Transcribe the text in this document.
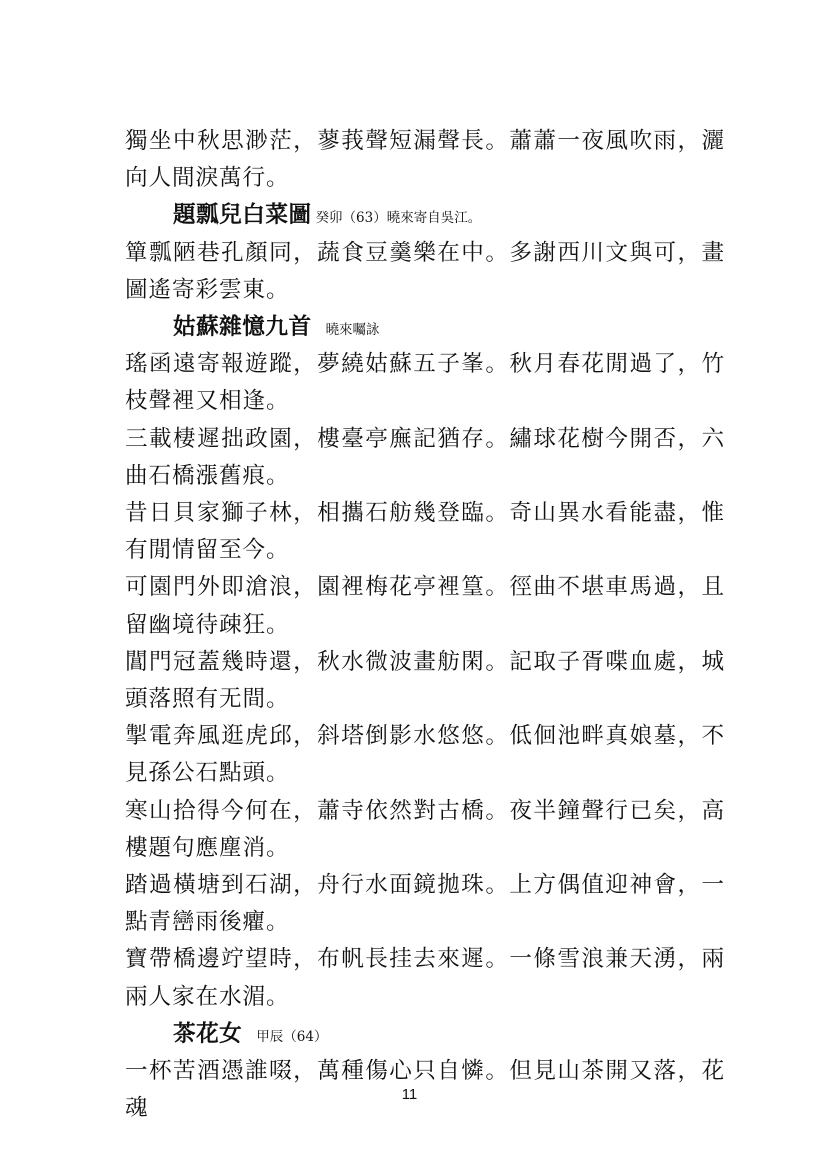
獨坐中秋思渺茫，蓼莪聲短漏聲長。蕭蕭一夜風吹雨，灑向人間淚萬行。

題瓢兒白菜圖 癸卯（63）曉來寄自吳江。

簞瓢陋巷孔顏同，蔬食豆羹樂在中。多謝西川文與可，畫圖遙寄彩雲東。

姑蘇雜憶九首 曉來囑詠

瑤函遠寄報遊蹤，夢繞姑蘇五子峯。秋月春花閒過了，竹枝聲裡又相逢。

三載棲遲拙政園，樓臺亭廡記猶存。繡球花樹今開否，六曲石橋漲舊痕。

昔日貝家獅子林，相攜石舫幾登臨。奇山異水看能盡，惟有閒情留至今。

可園門外即滄浪，園裡梅花亭裡篁。徑曲不堪車馬過，且留幽境待疎狂。

閶門冠蓋幾時還，秋水微波畫舫閑。記取子胥喋血處，城頭落照有无間。

掣電奔風逛虎邱，斜塔倒影水悠悠。低佪池畔真娘墓，不見孫公石點頭。

寒山拾得今何在，蕭寺依然對古橋。夜半鐘聲行已矣，高樓題句應塵消。

踏過橫塘到石湖，舟行水面鏡拋珠。上方偶值迎神會，一點青巒雨後癯。

寶帶橋邊竚望時，布帆長挂去來遲。一條雪浪兼天湧，兩兩人家在水湄。

茶花女 甲辰（64）

一杯苦酒憑誰啜，萬種傷心只自憐。但見山茶開又落，花魂

11
